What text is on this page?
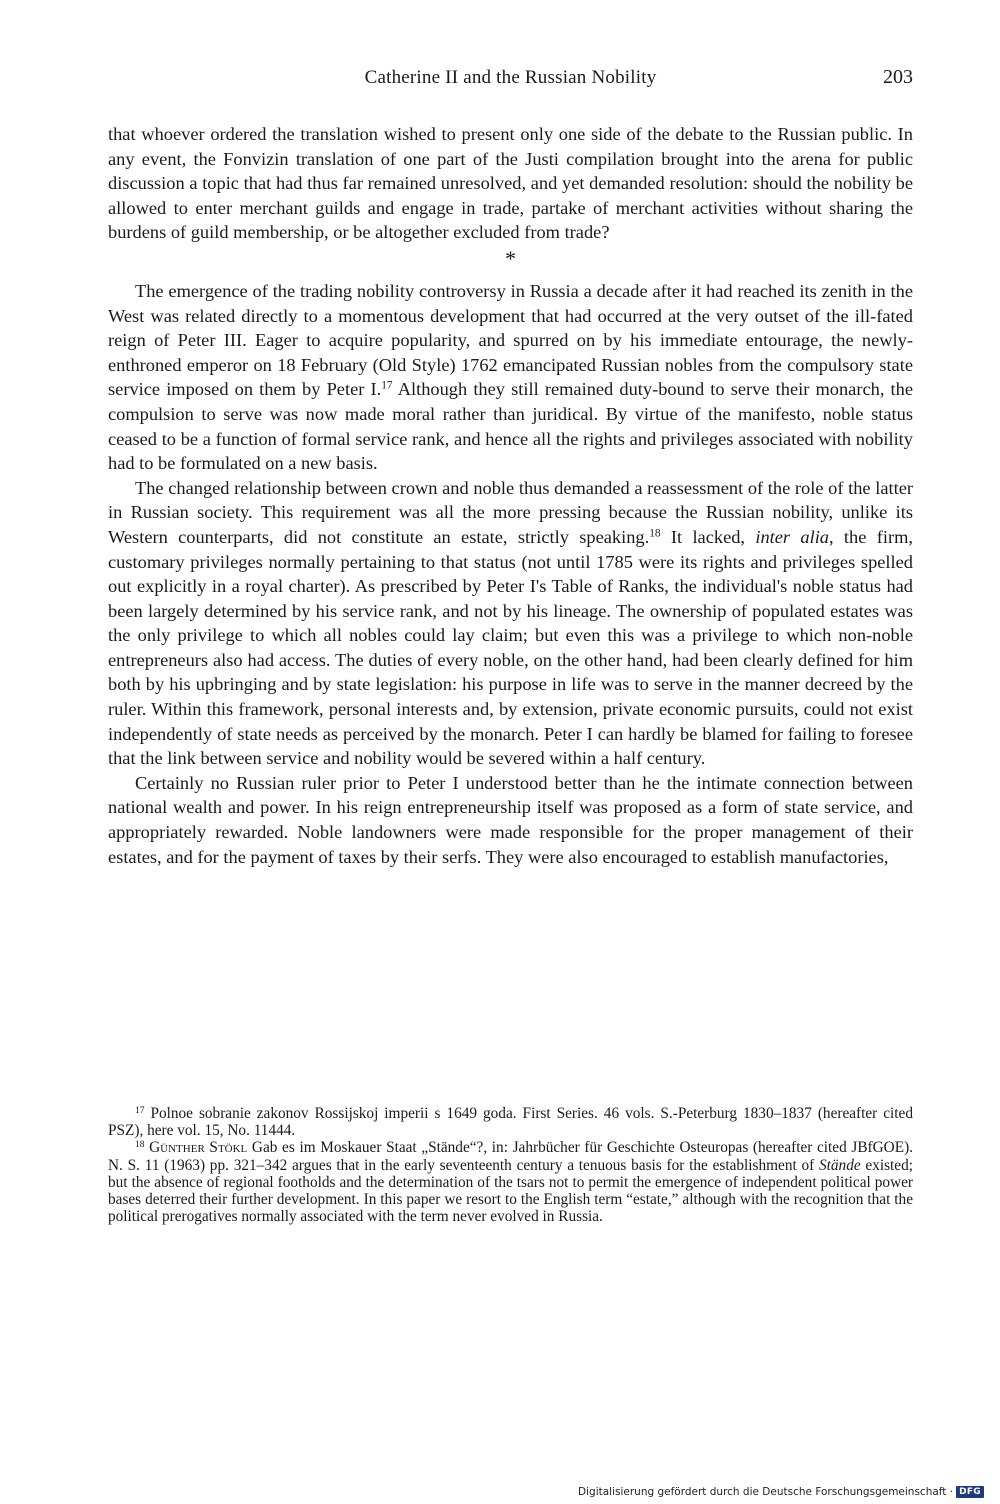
Catherine II and the Russian Nobility	203

that whoever ordered the translation wished to present only one side of the debate to the Russian public. In any event, the Fonvizin translation of one part of the Justi compilation brought into the arena for public discussion a topic that had thus far remained unresolved, and yet demanded resolution: should the nobility be allowed to enter merchant guilds and engage in trade, partake of merchant activities without sharing the burdens of guild membership, or be altogether excluded from trade?

*

The emergence of the trading nobility controversy in Russia a decade after it had reached its zenith in the West was related directly to a momentous development that had occurred at the very outset of the ill-fated reign of Peter III. Eager to acquire popularity, and spurred on by his immediate entourage, the newly-enthroned emperor on 18 February (Old Style) 1762 emancipated Russian nobles from the compulsory state service imposed on them by Peter I.$^{17}$ Although they still remained duty-bound to serve their monarch, the compulsion to serve was now made moral rather than juridical. By virtue of the manifesto, noble status ceased to be a function of formal service rank, and hence all the rights and privileges associated with nobility had to be formulated on a new basis.

The changed relationship between crown and noble thus demanded a reassessment of the role of the latter in Russian society. This requirement was all the more pressing because the Russian nobility, unlike its Western counterparts, did not constitute an estate, strictly speaking.$^{18}$ It lacked, inter alia, the firm, customary privileges normally pertaining to that status (not until 1785 were its rights and privileges spelled out explicitly in a royal charter). As prescribed by Peter I's Table of Ranks, the individual's noble status had been largely determined by his service rank, and not by his lineage. The ownership of populated estates was the only privilege to which all nobles could lay claim; but even this was a privilege to which non-noble entrepreneurs also had access. The duties of every noble, on the other hand, had been clearly defined for him both by his upbringing and by state legislation: his purpose in life was to serve in the manner decreed by the ruler. Within this framework, personal interests and, by extension, private economic pursuits, could not exist independently of state needs as perceived by the monarch. Peter I can hardly be blamed for failing to foresee that the link between service and nobility would be severed within a half century.

Certainly no Russian ruler prior to Peter I understood better than he the intimate connection between national wealth and power. In his reign entrepreneurship itself was proposed as a form of state service, and appropriately rewarded. Noble landowners were made responsible for the proper management of their estates, and for the payment of taxes by their serfs. They were also encouraged to establish manufactories,

$^{17}$ Polnoe sobranie zakonov Rossijskoj imperii s 1649 goda. First Series. 46 vols. S.-Peterburg 1830–1837 (hereafter cited PSZ), here vol. 15, No. 11444.

$^{18}$ Günther Stökl Gab es im Moskauer Staat „Stände“?, in: Jahrbücher für Geschichte Osteuropas (hereafter cited JBfGOE). N. S. 11 (1963) pp. 321–342 argues that in the early seventeenth century a tenuous basis for the establishment of Stände existed; but the absence of regional footholds and the determination of the tsars not to permit the emergence of independent political power bases deterred their further development. In this paper we resort to the English term “estate,” although with the recognition that the political prerogatives normally associated with the term never evolved in Russia.

Digitalisierung gefördert durch die Deutsche Forschungsgemeinschaft · DFG
